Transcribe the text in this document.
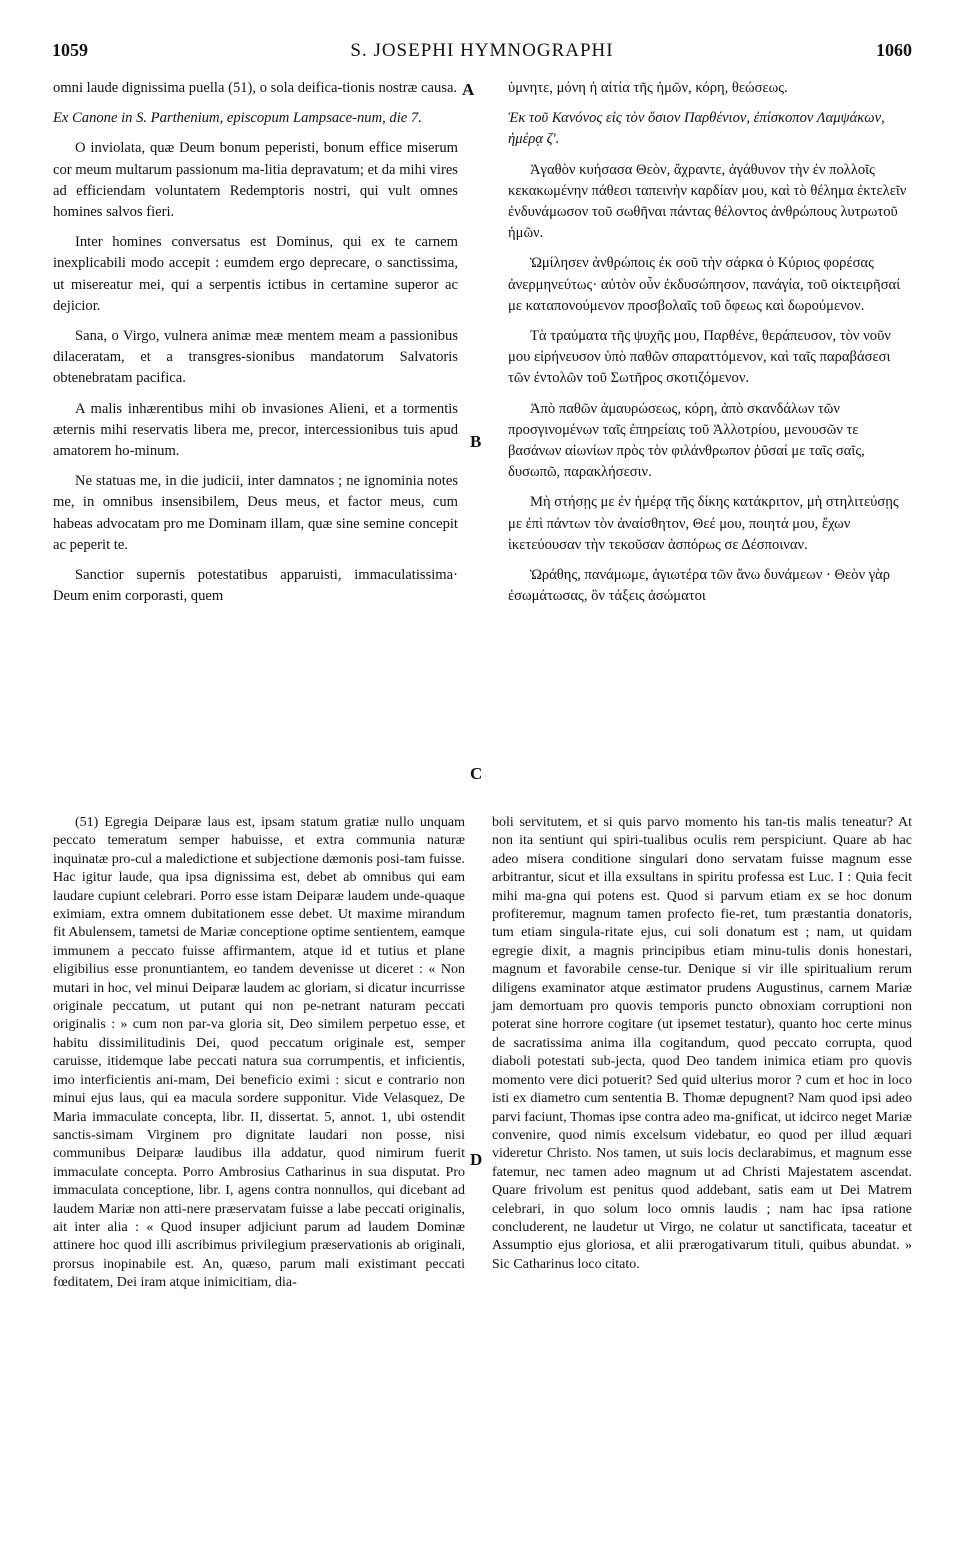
1059	S. JOSEPHI HYMNOGRAPHI	1060
A
B
C
D

omni laude dignissima puella (51), o sola deifica-tionis nostræ causa.

Ex Canone in S. Parthenium, episcopum Lampsace-num, die 7.

O inviolata, quæ Deum bonum peperisti, bonum effice miserum cor meum multarum passionum ma-litia depravatum; et da mihi vires ad efficiendam voluntatem Redemptoris nostri, qui vult omnes homines salvos fieri.

Inter homines conversatus est Dominus, qui ex te carnem inexplicabili modo accepit : eumdem ergo deprecare, o sanctissima, ut misereatur mei, qui a serpentis ictibus in certamine superor ac dejicior.

Sana, o Virgo, vulnera animæ meæ mentem meam a passionibus dilaceratam, et a transgres-sionibus mandatorum Salvatoris obtenebratam pacifica.

A malis inhærentibus mihi ob invasiones Alieni, et a tormentis æternis mihi reservatis libera me, precor, intercessionibus tuis apud amatorem ho-minum.

Ne statuas me, in die judicii, inter damnatos ; ne ignominia notes me, in omnibus insensibilem, Deus meus, et factor meus, cum habeas advocatam pro me Dominam illam, quæ sine semine concepit ac peperit te.

Sanctior supernis potestatibus apparuisti, immaculatissima· Deum enim corporasti, quem

ὑμνητε, μόνη ἡ αἰτία τῆς ἡμῶν, κόρη, θεώσεως.

Ἐκ τοῦ Κανόνος εἰς τὸν ὅσιον Παρθένιον, ἐπίσκοπον Λαμψάκων, ἡμέρᾳ ζ'.

Ἀγαθὸν κυήσασα Θεὸν, ἄχραντε, ἀγάθυνον τὴν ἐν πολλοῖς κεκακωμένην πάθεσι ταπεινὴν καρδίαν μου, καὶ τὸ θέλημα ἐκτελεῖν ἐνδυνάμωσον τοῦ σωθῆναι πάντας θέλοντος ἀνθρώπους λυτρωτοῦ ἡμῶν.

Ὡμίλησεν ἀνθρώποις ἐκ σοῦ τὴν σάρκα ὁ Κύριος φορέσας ἀνερμηνεύτως· αὐτὸν οὖν ἐκδυσώπησον, πανάγία, τοῦ οἰκτειρῆσαί με καταπονούμενον προσβολαῖς τοῦ ὄφεως καὶ δωρούμενον.

Τὰ τραύματα τῆς ψυχῆς μου, Παρθένε, θεράπευσον, τὸν νοῦν μου εἰρήνευσον ὑπὸ παθῶν σπαραττόμενον, καὶ ταῖς παραβάσεσι τῶν ἐντολῶν τοῦ Σωτῆρος σκοτιζόμενον.

Ἀπὸ παθῶν ἀμαυρώσεως, κόρη, ἀπὸ σκανδάλων τῶν προσγινομένων ταῖς ἐπηρείαις τοῦ Ἀλλοτρίου, μενουσῶν τε βασάνων αἰωνίων πρὸς τὸν φιλάνθρωπον ῥῦσαί με ταῖς σαῖς, δυσωπῶ, παρακλήσεσιν.

Μὴ στήσῃς με ἐν ἡμέρᾳ τῆς δίκης κατάκριτον, μὴ στηλιτεύσῃς με ἐπὶ πάντων τὸν ἀναίσθητον, Θεέ μου, ποιητά μου, ἔχων ἱκετεύουσαν τὴν τεκοῦσαν ἀσπόρως σε Δέσποιναν.

Ὡράθης, πανάμωμε, ἁγιωτέρα τῶν ἄνω δυνάμεων · Θεὸν γὰρ ἐσωμάτωσας, ὃν τάξεις ἀσώματοι

(51) Egregia Deiparæ laus est, ipsam statum gratiæ nullo unquam peccato temeratum semper habuisse, et extra communia naturæ inquinatæ pro-cul a maledictione et subjectione dæmonis posi-tam fuisse. Hac igitur laude, qua ipsa dignissima est, debet ab omnibus qui eam laudare cupiunt celebrari. Porro esse istam Deiparæ laudem unde-quaque eximiam, extra omnem dubitationem esse debet. Ut maxime mirandum fit Abulensem, tametsi de Mariæ conceptione optime sentientem, eamque immunem a peccato fuisse affirmantem, atque id et tutius et plane eligibilius esse pronuntiantem, eo tandem devenisse ut diceret : « Non mutari in hoc, vel minui Deiparæ laudem ac gloriam, si dicatur incurrisse originale peccatum, ut putant qui non pe-netrant naturam peccati originalis : » cum non par-va gloria sit, Deo similem perpetuo esse, et habitu dissimilitudinis Dei, quod peccatum originale est, semper caruisse, itidemque labe peccati natura sua corrumpentis, et inficientis, imo interficientis ani-mam, Dei beneficio eximi : sicut e contrario non minui ejus laus, qui ea macula sordere supponitur. Vide Velasquez, De Maria immaculate concepta, libr. II, dissertat. 5, annot. 1, ubi ostendit sanctis-simam Virginem pro dignitate laudari non posse, nisi communibus Deiparæ laudibus illa addatur, quod nimirum fuerit immaculate concepta. Porro Ambrosius Catharinus in sua disputat. Pro immaculata conceptione, libr. I, agens contra nonnullos, qui dicebant ad laudem Mariæ non atti-nere præservatam fuisse a labe peccati originalis, ait inter alia : « Quod insuper adjiciunt parum ad laudem Dominæ attinere hoc quod illi ascribimus privilegium præservationis ab originali, prorsus inopinabile est. An, quæso, parum mali existimant peccati fœditatem, Dei iram atque inimicitiam, dia-

boli servitutem, et si quis parvo momento his tan-tis malis teneatur? At non ita sentiunt qui spiri-tualibus oculis rem perspiciunt. Quare ab hac adeo misera conditione singulari dono servatam fuisse magnum esse arbitrantur, sicut et illa exsultans in spiritu professa est Luc. I : Quia fecit mihi ma-gna qui potens est. Quod si parvum etiam ex se hoc donum profiteremur, magnum tamen profecto fie-ret, tum præstantia donatoris, tum etiam singula-ritate ejus, cui soli donatum est ; nam, ut quidam egregie dixit, a magnis principibus etiam minu-tulis donis honestari, magnum et favorabile cense-tur. Denique si vir ille spiritualium rerum diligens examinator atque æstimator prudens Augustinus, carnem Mariæ jam demortuam pro quovis temporis puncto obnoxiam corruptioni non poterat sine horrore cogitare (ut ipsemet testatur), quanto hoc certe minus de sacratissima anima illa cogitandum, quod peccato corrupta, quod diaboli potestati sub-jecta, quod Deo tandem inimica etiam pro quovis momento vere dici potuerit? Sed quid ulterius moror ? cum et hoc in loco isti ex diametro cum sententia B. Thomæ depugnent? Nam quod ipsi adeo parvi faciunt, Thomas ipse contra adeo ma-gnificat, ut idcirco neget Mariæ convenire, quod nimis excelsum videbatur, eo quod per illud æquari videretur Christo. Nos tamen, ut suis locis declarabimus, et magnum esse fatemur, nec tamen adeo magnum ut ad Christi Majestatem ascendat. Quare frivolum est penitus quod addebant, satis eam ut Dei Matrem celebrari, in quo solum loco omnis laudis ; nam hac ipsa ratione concluderent, ne laudetur ut Virgo, ne colatur ut sanctificata, taceatur et Assumptio ejus gloriosa, et alii prærogativarum tituli, quibus abundat. » Sic Catharinus loco citato.
